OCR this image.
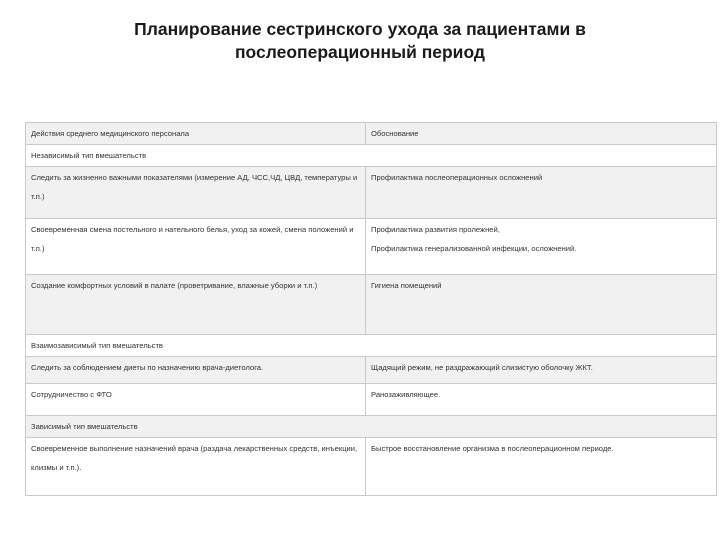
Планирование сестринского ухода за пациентами в
послеоперационный период
Действия среднего медицинского персонала	Обоснование
Независимый тип вмешательств	
Следить за жизненно важными показателями (измерение АД, ЧСС,ЧД, ЦВД, температуры и т.п.)	Профилактика послеоперационных осложнений

Своевременная смена постельного и нательного белья, уход за кожей, смена положений и т.п.)	Профилактика развития пролежней,
Профилактика генерализованной инфекции, осложнений.

Создание комфортных условий в палате (проветривание, влажные уборки и т.п.)	Гигиена помещений

Взаимозависимый тип вмешательств	
Следить за соблюдением диеты по назначению врача-диетолога.	Щадящий режим, не раздражающий слизистую оболочку ЖКТ.

Сотрудничество с ФТО	Ранозаживляющее.

Зависимый тип вмешательств	
Своевременное выполнение назначений врача (раздача лекарственных средств, инъекции, клизмы и т.п.).	Быстрое восстановление организма в послеоперационном периоде.
